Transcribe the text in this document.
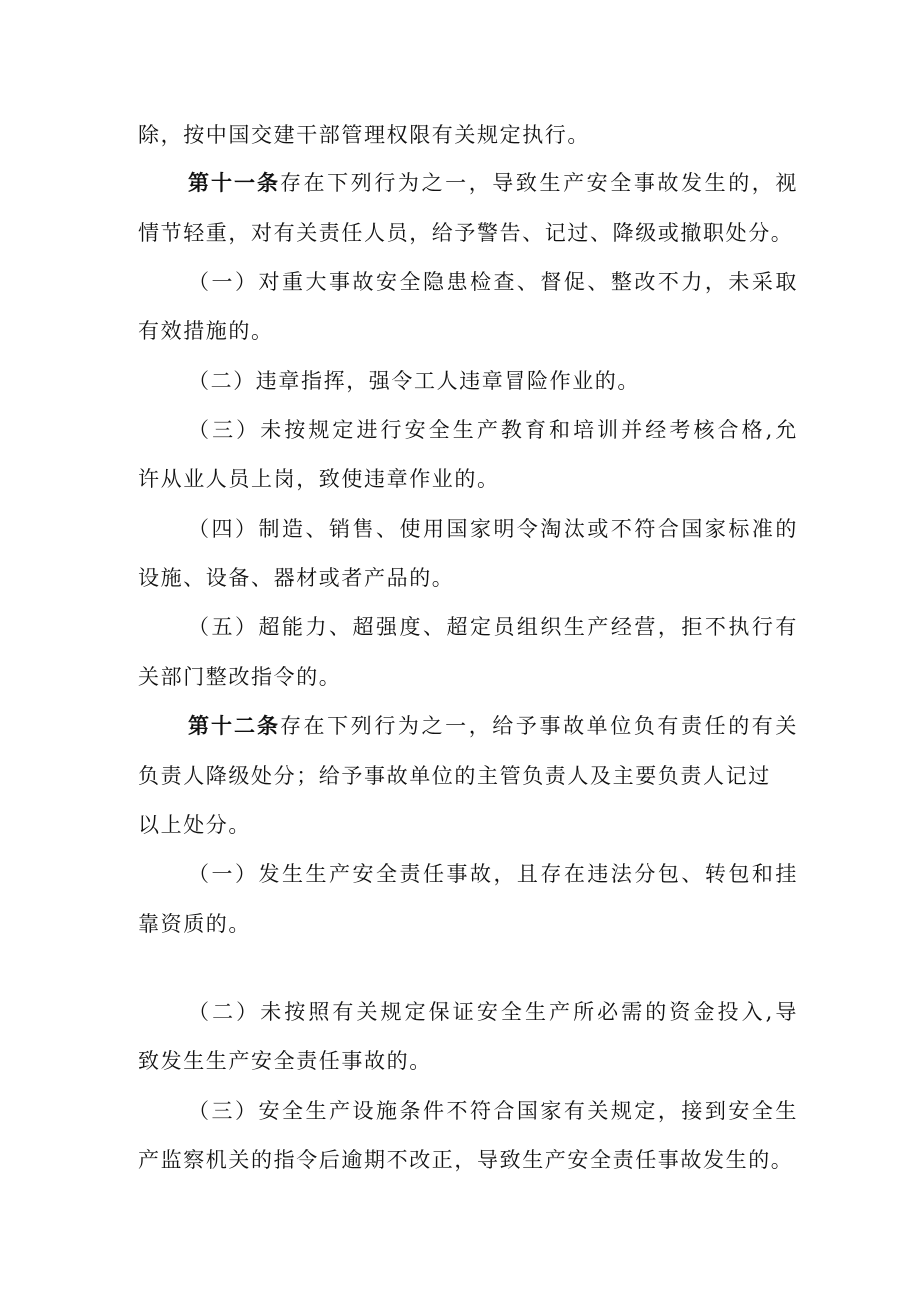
除，按中国交建干部管理权限有关规定执行。
第十一条存在下列行为之一，导致生产安全事故发生的，视
情节轻重，对有关责任人员，给予警告、记过、降级或撤职处分。
（一）对重大事故安全隐患检查、督促、整改不力，未采取
有效措施的。
（二）违章指挥，强令工人违章冒险作业的。
（三）未按规定进行安全生产教育和培训并经考核合格,允
许从业人员上岗，致使违章作业的。
（四）制造、销售、使用国家明令淘汰或不符合国家标准的
设施、设备、器材或者产品的。
（五）超能力、超强度、超定员组织生产经营，拒不执行有
关部门整改指令的。
第十二条存在下列行为之一，给予事故单位负有责任的有关
负责人降级处分；给予事故单位的主管负责人及主要负责人记过
以上处分。
（一）发生生产安全责任事故，且存在违法分包、转包和挂
靠资质的。
（二）未按照有关规定保证安全生产所必需的资金投入,导
致发生生产安全责任事故的。
（三）安全生产设施条件不符合国家有关规定，接到安全生
产监察机关的指令后逾期不改正，导致生产安全责任事故发生的。
